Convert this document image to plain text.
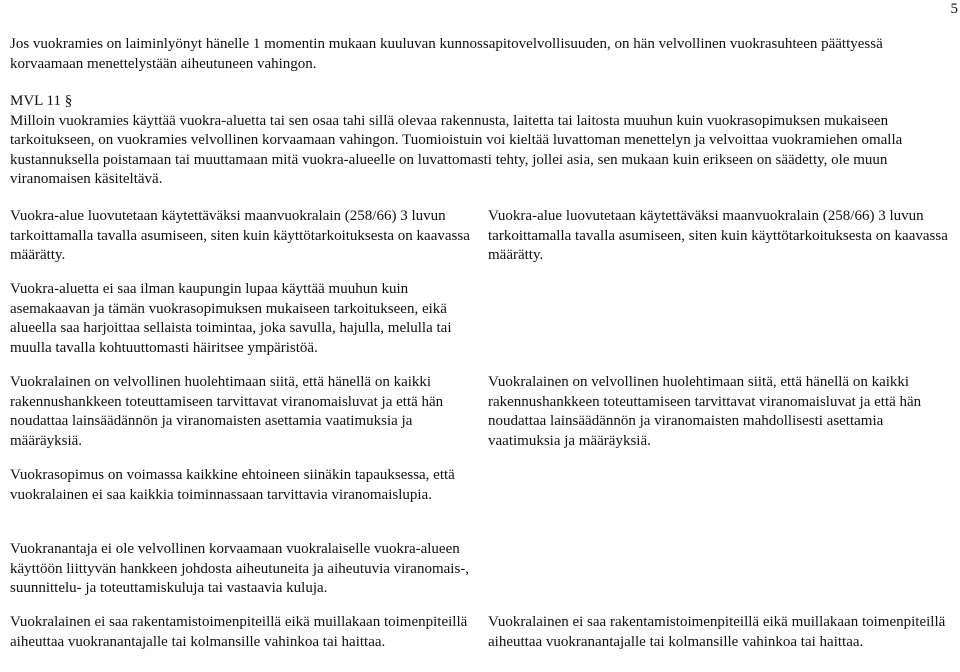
5

Jos vuokramies on laiminlyönyt hänelle 1 momentin mukaan kuuluvan kunnossapitovelvollisuuden, on hän velvollinen vuokrasuhteen päättyessä korvaamaan menettelystään aiheutuneen vahingon.

MVL 11 §

Milloin vuokramies käyttää vuokra-aluetta tai sen osaa tahi sillä olevaa rakennusta, laitetta tai laitosta muuhun kuin vuokrasopimuksen mukaiseen tarkoitukseen, on vuokramies velvollinen korvaamaan vahingon. Tuomioistuin voi kieltää luvattoman menettelyn ja velvoittaa vuokramiehen omalla kustannuksella poistamaan tai muuttamaan mitä vuokra-alueelle on luvattomasti tehty, jollei asia, sen mukaan kuin erikseen on säädetty, ole muun viranomaisen käsiteltävä.

Vuokra-alue luovutetaan käytettäväksi maanvuokralain (258/66) 3 luvun tarkoittamalla tavalla asumiseen, siten kuin käyttötarkoituksesta on kaavassa määrätty.

Vuokra-aluetta ei saa ilman kaupungin lupaa käyttää muuhun kuin asemakaavan ja tämän vuokrasopimuksen mukaiseen tarkoitukseen, eikä alueella saa harjoittaa sellaista toimintaa, joka savulla, hajulla, melulla tai muulla tavalla kohtuuttomasti häiritsee ympäristöä.

Vuokralainen on velvollinen huolehtimaan siitä, että hänellä on kaikki rakennushankkeen toteuttamiseen tarvittavat viranomaisluvat ja että hän noudattaa lainsäädännön ja viranomaisten asettamia vaatimuksia ja määräyksiä.

Vuokrasopimus on voimassa kaikkine ehtoineen siinäkin tapauksessa, että vuokralainen ei saa kaikkia toiminnassaan tarvittavia viranomaislupia.

Vuokranantaja ei ole velvollinen korvaamaan vuokralaiselle vuokra-alueen käyttöön liittyvän hankkeen johdosta aiheutuneita ja aiheutuvia viranomais-, suunnittelu- ja toteuttamiskuluja tai vastaavia kuluja.

Vuokralainen ei saa rakentamistoimenpiteillä eikä muillakaan toimenpiteillä aiheuttaa vuokranantajalle tai kolmansille vahinkoa tai haittaa.

Vuokra-alue luovutetaan käytettäväksi maanvuokralain (258/66) 3 luvun tarkoittamalla tavalla asumiseen, siten kuin käyttötarkoituksesta on kaavassa määrätty.

Vuokralainen on velvollinen huolehtimaan siitä, että hänellä on kaikki rakennushankkeen toteuttamiseen tarvittavat viranomaisluvat ja että hän noudattaa lainsäädännön ja viranomaisten mahdollisesti asettamia vaatimuksia ja määräyksiä.

Vuokralainen ei saa rakentamistoimenpiteillä eikä muillakaan toimenpiteillä aiheuttaa vuokranantajalle tai kolmansille vahinkoa tai haittaa.
